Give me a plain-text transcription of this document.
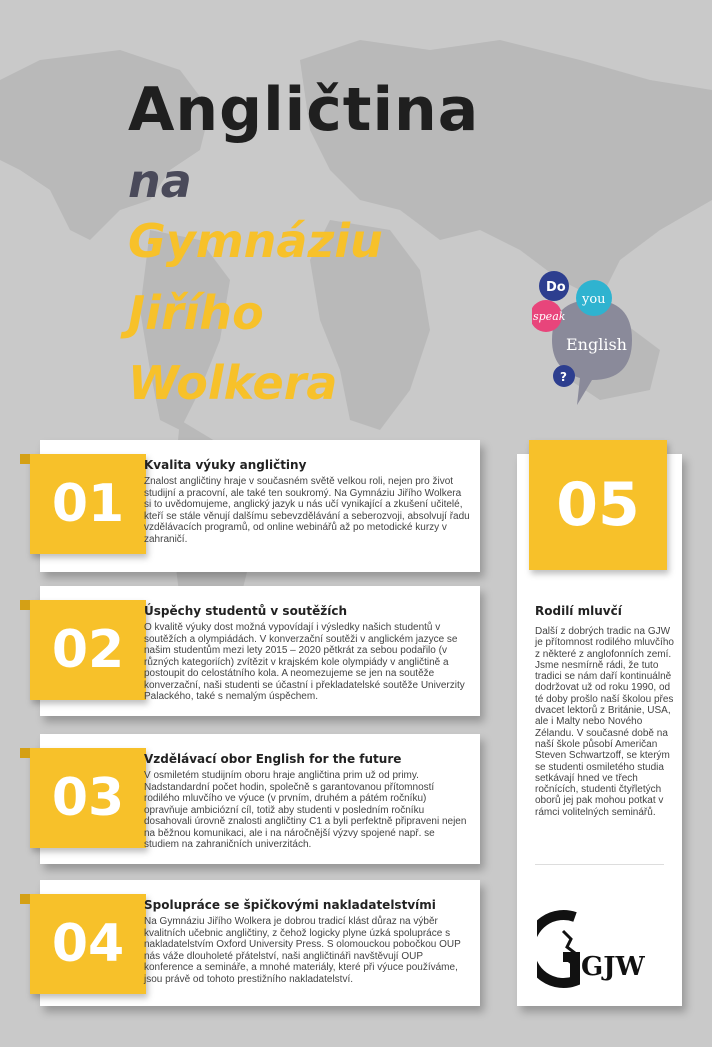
Angličtina
na
Gymnáziu
Jiřího
Wolkera
Do
you
speak
English
?
01
Kvalita výuky angličtiny

Znalost angličtiny hraje v současném světě velkou roli, nejen pro život studijní a pracovní, ale také ten soukromý. Na Gymnáziu Jiřího Wolkera si to uvědomujeme, anglický jazyk u nás učí vynikající a zkušení učitelé, kteří se stále věnují dalšímu sebevzdělávání a seberozvoji, absolvují řadu vzdělávacích programů, od online webinářů až po metodické kurzy v zahraničí.

02
Úspěchy studentů v soutěžích

O kvalitě výuky dost možná vypovídají i výsledky našich studentů v soutěžích a olympiádách. V konverzační soutěži v anglickém jazyce se našim studentům mezi lety 2015 – 2020 pětkrát za sebou podařilo (v různých kategoriích) zvítězit v krajském kole olympiády v angličtině a postoupit do celostátního kola. A neomezujeme se jen na soutěže konverzační, naši studenti se účastní i překladatelské soutěže Univerzity Palackého, také s nemalým úspěchem.

03
Vzdělávací obor English for the future

V osmiletém studijním oboru hraje angličtina prim už od primy. Nadstandardní počet hodin, společně s garantovanou přítomností rodilého mluvčího ve výuce (v prvním, druhém a pátém ročníku) opravňuje ambiciózní cíl, totiž aby studenti v posledním ročníku dosahovali úrovně znalosti angličtiny C1 a byli perfektně připraveni nejen na běžnou komunikaci, ale i na náročnější výzvy spojené např. se studiem na zahraničních univerzitách.

04
Spolupráce se špičkovými nakladatelstvími

Na Gymnáziu Jiřího Wolkera je dobrou tradicí klást důraz na výběr kvalitních učebnic angličtiny, z čehož logicky plyne úzká spolupráce s nakladatelstvím Oxford University Press. S olomouckou pobočkou OUP nás váže dlouholeté přátelství, naši angličtináři navštěvují OUP konference a semináře, a mnohé materiály, které při výuce používáme, jsou právě od tohoto prestižního nakladatelství.

05
Rodilí mluvčí

Další z dobrých tradic na GJW je přítomnost rodilého mluvčího z některé z anglofonních zemí. Jsme nesmírně rádi, že tuto tradici se nám daří kontinuálně dodržovat už od roku 1990, od té doby prošlo naší školou přes dvacet lektorů z Británie, USA, ale i Malty nebo Nového Zélandu. V současné době na naší škole působí Američan Steven Schwartzoff, se kterým se studenti osmiletého studia setkávají hned ve třech ročnících, studenti čtyřletých oborů jej pak mohou potkat v rámci volitelných seminářů.

GJW
